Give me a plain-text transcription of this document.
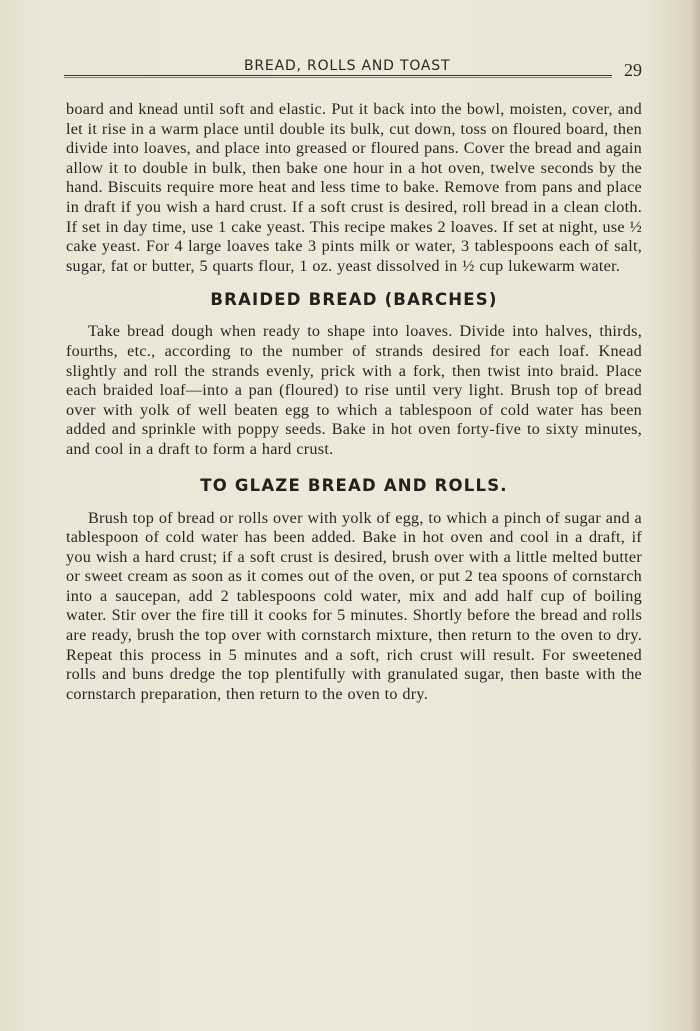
BREAD, ROLLS AND TOAST	29

board and knead until soft and elastic. Put it back into the bowl, moisten, cover, and let it rise in a warm place until double its bulk, cut down, toss on floured board, then divide into loaves, and place into greased or floured pans. Cover the bread and again allow it to double in bulk, then bake one hour in a hot oven, twelve seconds by the hand. Biscuits require more heat and less time to bake. Remove from pans and place in draft if you wish a hard crust. If a soft crust is desired, roll bread in a clean cloth. If set in day time, use 1 cake yeast. This recipe makes 2 loaves. If set at night, use ½ cake yeast. For 4 large loaves take 3 pints milk or water, 3 tablespoons each of salt, sugar, fat or butter, 5 quarts flour, 1 oz. yeast dissolved in ½ cup lukewarm water.

BRAIDED BREAD (BARCHES)

Take bread dough when ready to shape into loaves. Divide into halves, thirds, fourths, etc., according to the number of strands desired for each loaf. Knead slightly and roll the strands evenly, prick with a fork, then twist into braid. Place each braided loaf—into a pan (floured) to rise until very light. Brush top of bread over with yolk of well beaten egg to which a tablespoon of cold water has been added and sprinkle with poppy seeds. Bake in hot oven forty-five to sixty minutes, and cool in a draft to form a hard crust.

TO GLAZE BREAD AND ROLLS.

Brush top of bread or rolls over with yolk of egg, to which a pinch of sugar and a tablespoon of cold water has been added. Bake in hot oven and cool in a draft, if you wish a hard crust; if a soft crust is desired, brush over with a little melted butter or sweet cream as soon as it comes out of the oven, or put 2 tea spoons of cornstarch into a saucepan, add 2 tablespoons cold water, mix and add half cup of boiling water. Stir over the fire till it cooks for 5 minutes. Shortly before the bread and rolls are ready, brush the top over with cornstarch mixture, then return to the oven to dry. Repeat this process in 5 minutes and a soft, rich crust will result. For sweetened rolls and buns dredge the top plentifully with granulated sugar, then baste with the cornstarch preparation, then return to the oven to dry.
